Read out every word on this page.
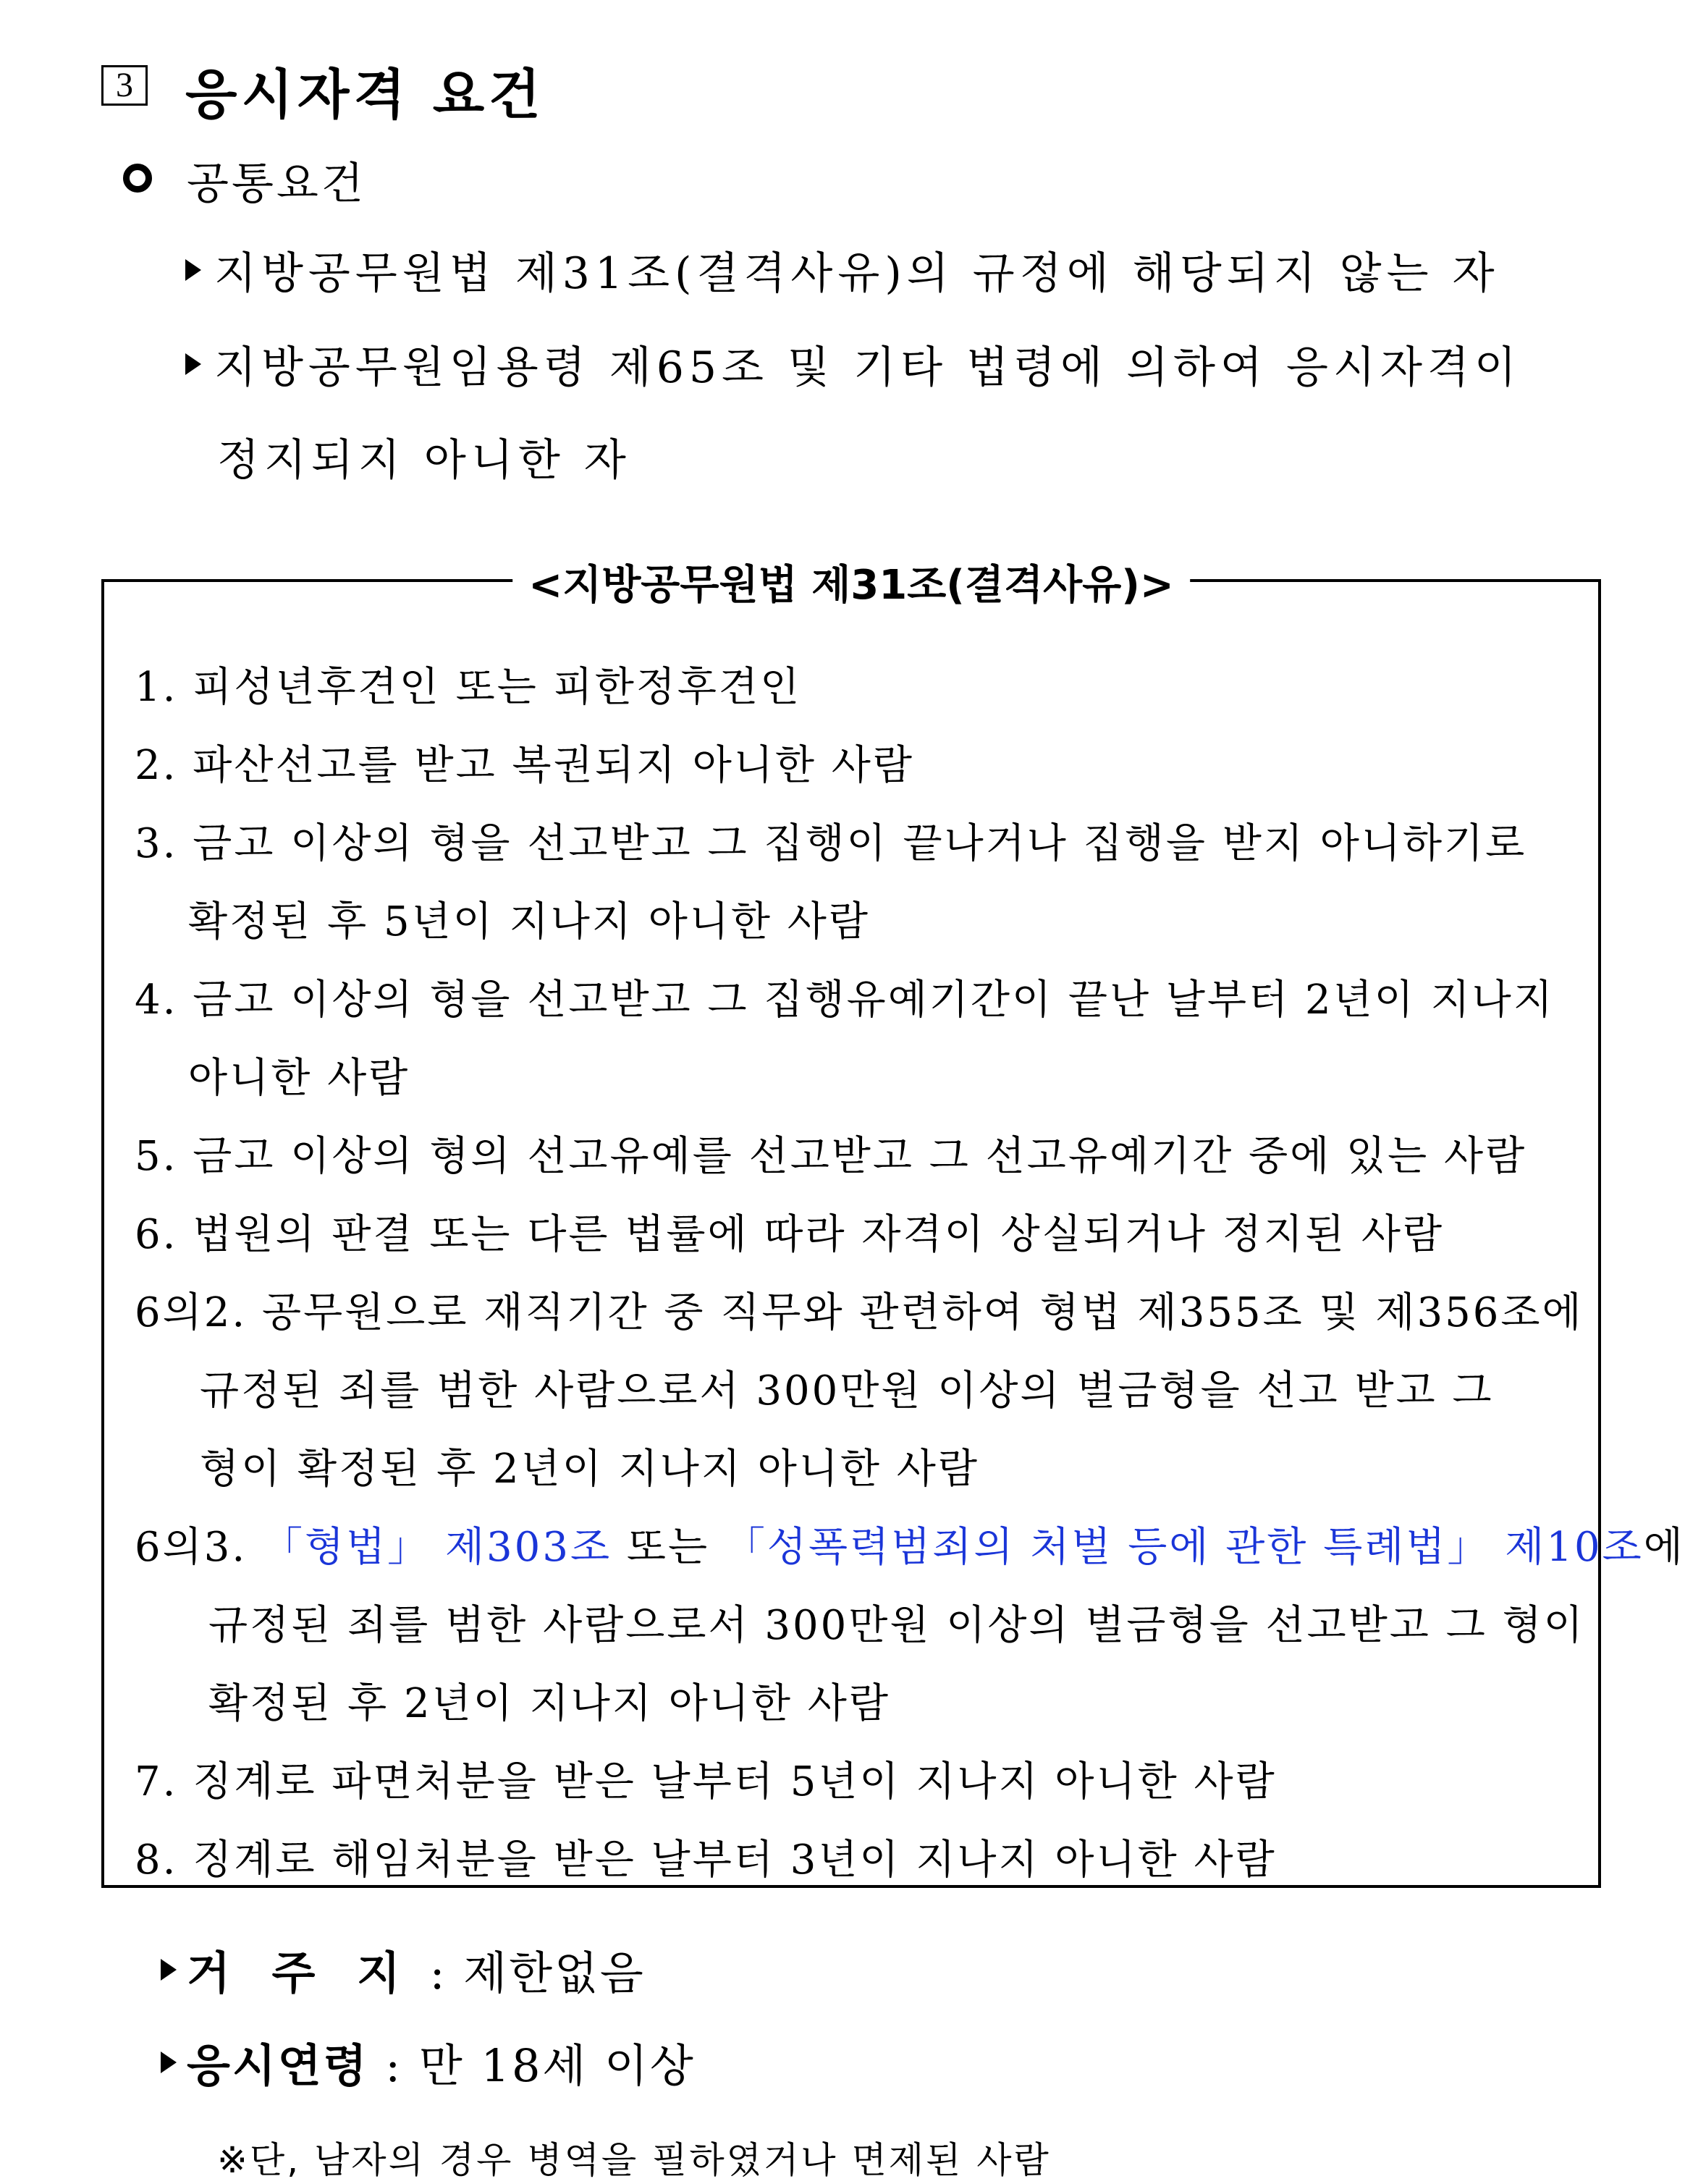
3 응시자격 요건
공통요건
지방공무원법 제31조(결격사유)의 규정에 해당되지 않는 자
지방공무원임용령 제65조 및 기타 법령에 의하여 응시자격이
정지되지 아니한 자
<지방공무원법 제31조(결격사유)>
1. 피성년후견인 또는 피한정후견인
2. 파산선고를 받고 복권되지 아니한 사람
3. 금고 이상의 형을 선고받고 그 집행이 끝나거나 집행을 받지 아니하기로
확정된 후 5년이 지나지 아니한 사람
4. 금고 이상의 형을 선고받고 그 집행유예기간이 끝난 날부터 2년이 지나지
아니한 사람
5. 금고 이상의 형의 선고유예를 선고받고 그 선고유예기간 중에 있는 사람
6. 법원의 판결 또는 다른 법률에 따라 자격이 상실되거나 정지된 사람
6의2. 공무원으로 재직기간 중 직무와 관련하여 형법 제355조 및 제356조에
규정된 죄를 범한 사람으로서 300만원 이상의 벌금형을 선고 받고 그
형이 확정된 후 2년이 지나지 아니한 사람
6의3. 「형법」 제303조 또는 「성폭력범죄의 처벌 등에 관한 특례법」 제10조에
규정된 죄를 범한 사람으로서 300만원 이상의 벌금형을 선고받고 그 형이
확정된 후 2년이 지나지 아니한 사람
7. 징계로 파면처분을 받은 날부터 5년이 지나지 아니한 사람
8. 징계로 해임처분을 받은 날부터 3년이 지나지 아니한 사람
거 주 지 : 제한없음
응시연령 : 만 18세 이상
※단, 남자의 경우 병역을 필하였거나 면제된 사람
